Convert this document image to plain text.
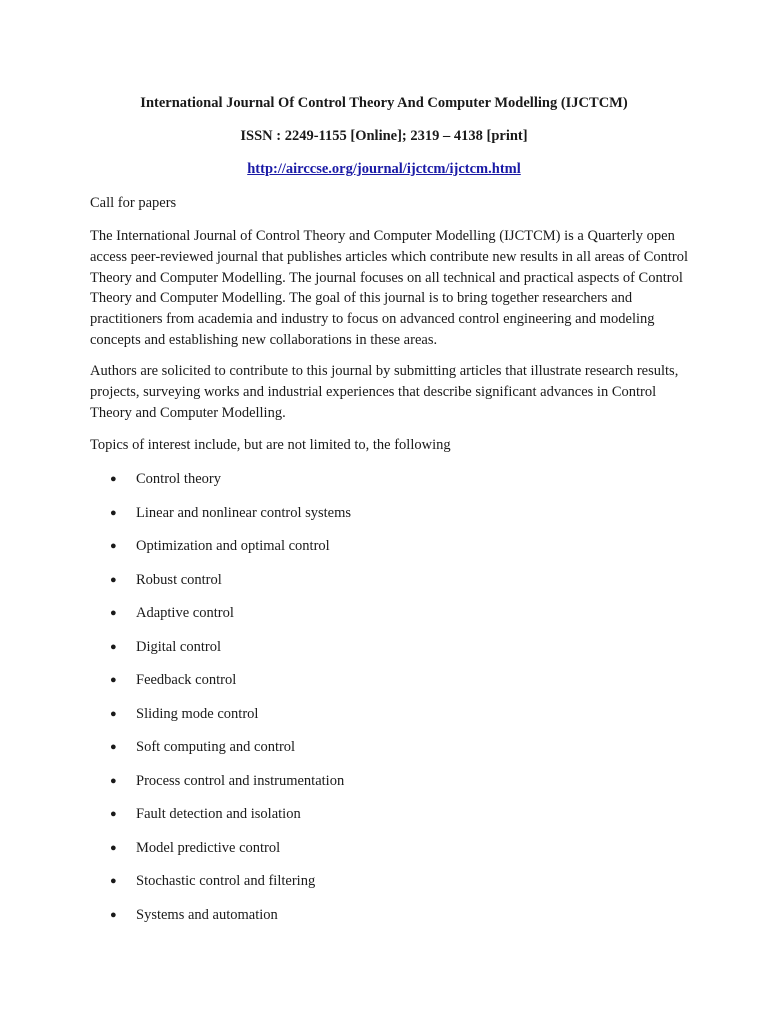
International Journal Of Control Theory And Computer Modelling (IJCTCM)
ISSN : 2249-1155 [Online]; 2319 – 4138 [print]
http://airccse.org/journal/ijctcm/ijctcm.html

Call for papers

The International Journal of Control Theory and Computer Modelling (IJCTCM) is a Quarterly open access peer-reviewed journal that publishes articles which contribute new results in all areas of Control Theory and Computer Modelling. The journal focuses on all technical and practical aspects of Control Theory and Computer Modelling. The goal of this journal is to bring together researchers and practitioners from academia and industry to focus on advanced control engineering and modeling concepts and establishing new collaborations in these areas.

Authors are solicited to contribute to this journal by submitting articles that illustrate research results, projects, surveying works and industrial experiences that describe significant advances in Control Theory and Computer Modelling.

Topics of interest include, but are not limited to, the following

● Control theory
● Linear and nonlinear control systems
● Optimization and optimal control
● Robust control
● Adaptive control
● Digital control
● Feedback control
● Sliding mode control
● Soft computing and control
● Process control and instrumentation
● Fault detection and isolation
● Model predictive control
● Stochastic control and filtering
● Systems and automation
